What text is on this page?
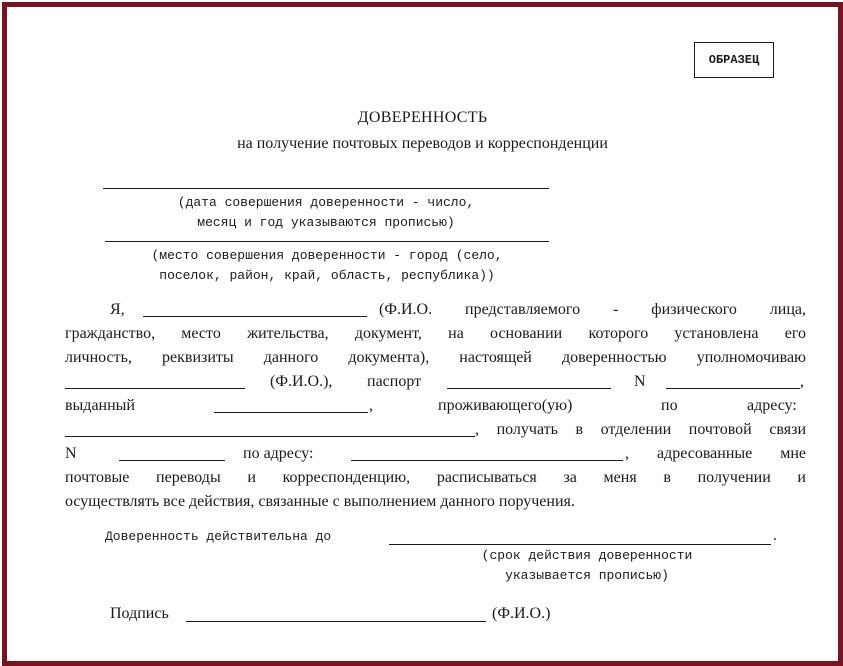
ОБРАЗЕЦ
ДОВЕРЕННОСТЬ
на получение почтовых переводов и корреспонденции
(дата совершения доверенности - число,
месяц и год указываются прописью)
(место совершения доверенности - город (село,
поселок, район, край, область, республика))
Я,	(Ф.И.О. представляемого - физического лица,
гражданство, место жительства, документ, на основании которого установлена его
личность, реквизиты данного документа), настоящей доверенностью уполномочиваю
(Ф.И.О.), паспорт	N	,
выданный	,	проживающего(ую)	по	адресу:
, получать в отделении почтовой связи
N	по адресу:	, адресованные мне
почтовые переводы и корреспонденцию, расписываться за меня в получении и
осуществлять все действия, связанные с выполнением данного поручения.
Доверенность действительна до	.
(срок действия доверенности
указывается прописью)
Подпись	(Ф.И.О.)
